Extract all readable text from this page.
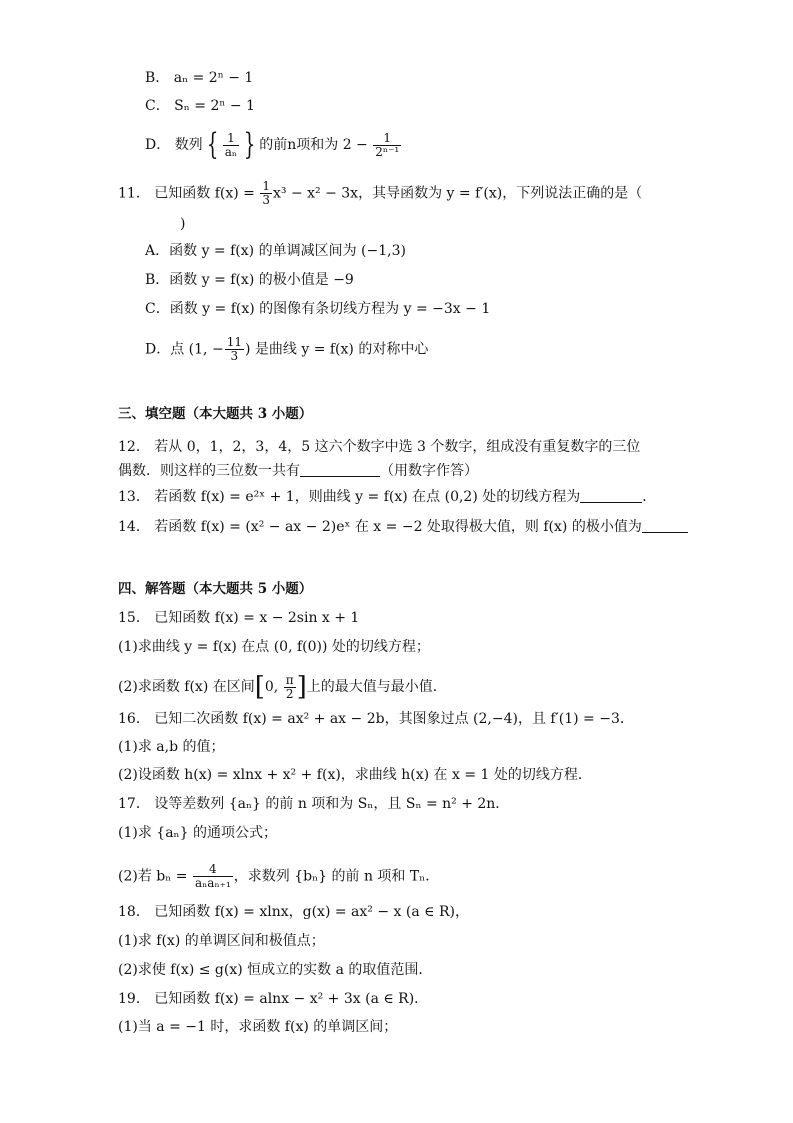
B． aₙ = 2ⁿ − 1
C． Sₙ = 2ⁿ − 1
D． 数列 { $\frac{1}{\text{aₙ}}$ } 的前n项和为 $2 - \frac{1}{\text{2ⁿ⁻¹}}$
11． 已知函数 $f(x) = \frac{1}{3} x^3 - x^2 - 3x$，其导函数为 y = f′(x)，下列说法正确的是（
)
A．函数 y = f(x) 的单调减区间为 (−1,3)
B．函数 y = f(x) 的极小值是 −9
C．函数 y = f(x) 的图像有条切线方程为 y = −3x − 1
D．点 (1, − $\frac{11}{3}$ ) 是曲线 y = f(x) 的对称中心
三、填空题（本大题共 3 小题）
12． 若从 0，1，2，3，4，5 这六个数字中选 3 个数字，组成没有重复数字的三位
偶数．则这样的三位数一共有	（用数字作答）
13． 若函数 f(x) = e²ˣ + 1，则曲线 y = f(x) 在点 (0,2) 处的切线方程为	．
14． 若函数 f(x) = (x² − ax − 2)eˣ 在 x = −2 处取得极大值，则 f(x) 的极小值为
四、解答题（本大题共 5 小题）
15． 已知函数 f(x) = x − 2sin x + 1
(1)求曲线 y = f(x) 在点 (0, f(0)) 处的切线方程；
(2)求函数 f(x) 在区间[0, $\frac{\pi}{2}$ ]上的最大值与最小值．
16． 已知二次函数 f(x) = ax² + ax − 2b，其图象过点 (2,−4)，且 f′(1) = −3．
(1)求 a,b 的值；
(2)设函数 h(x) = xlnx + x² + f(x)，求曲线 h(x) 在 x = 1 处的切线方程．
17． 设等差数列 {aₙ} 的前 n 项和为 Sₙ，且 Sₙ = n² + 2n．
(1)求 {aₙ} 的通项公式；
(2)若 $b_n = \frac{4}{\text{aₙaₙ₊₁}}$ ，求数列 {bₙ} 的前 n 项和 Tₙ．
18． 已知函数 f(x) = xlnx，g(x) = ax² − x (a ∈ R)，
(1)求 f(x) 的单调区间和极值点；
(2)求使 f(x) ≤ g(x) 恒成立的实数 a 的取值范围．
19． 已知函数 f(x) = alnx − x² + 3x (a ∈ R)．
(1)当 a = −1 时，求函数 f(x) 的单调区间；
